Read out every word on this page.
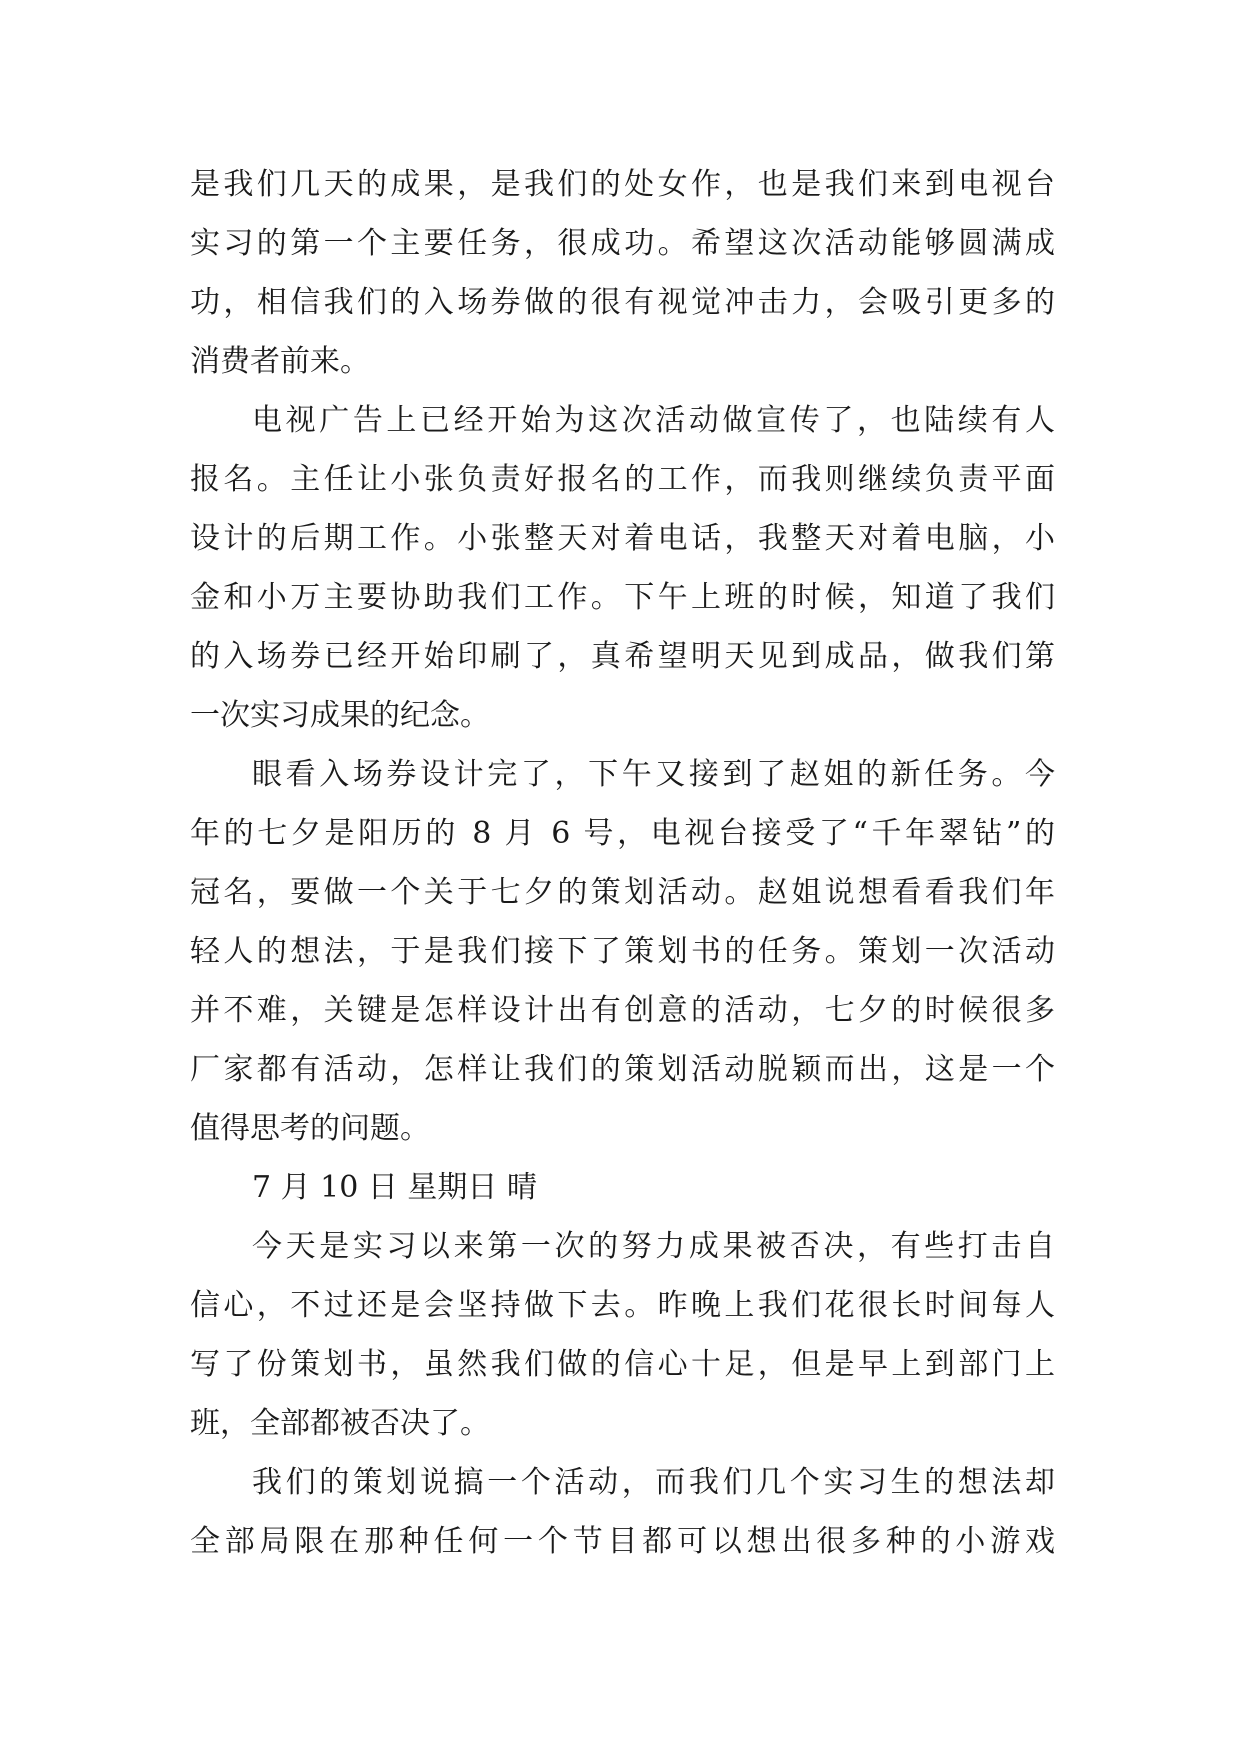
是我们几天的成果，是我们的处女作，也是我们来到电视台
实习的第一个主要任务，很成功。希望这次活动能够圆满成
功，相信我们的入场券做的很有视觉冲击力，会吸引更多的
消费者前来。
电视广告上已经开始为这次活动做宣传了，也陆续有人
报名。主任让小张负责好报名的工作，而我则继续负责平面
设计的后期工作。小张整天对着电话，我整天对着电脑，小
金和小万主要协助我们工作。下午上班的时候，知道了我们
的入场券已经开始印刷了，真希望明天见到成品，做我们第
一次实习成果的纪念。
眼看入场券设计完了，下午又接到了赵姐的新任务。今
年的七夕是阳历的 8 月 6 号，电视台接受了“千年翠钻”的
冠名，要做一个关于七夕的策划活动。赵姐说想看看我们年
轻人的想法，于是我们接下了策划书的任务。策划一次活动
并不难，关键是怎样设计出有创意的活动，七夕的时候很多
厂家都有活动，怎样让我们的策划活动脱颖而出，这是一个
值得思考的问题。
7 月 10 日 星期日 晴
今天是实习以来第一次的努力成果被否决，有些打击自
信心，不过还是会坚持做下去。昨晚上我们花很长时间每人
写了份策划书，虽然我们做的信心十足，但是早上到部门上
班，全部都被否决了。
我们的策划说搞一个活动，而我们几个实习生的想法却
全部局限在那种任何一个节目都可以想出很多种的小游戏
